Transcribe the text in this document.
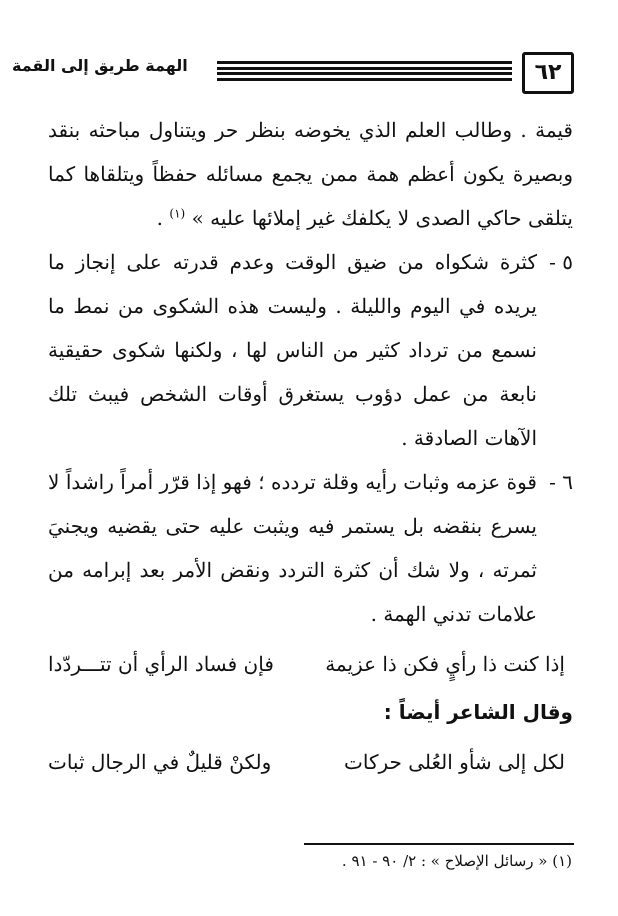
٦٢
الهمة طريق إلى القمة

قيمة . وطالب العلم الذي يخوضه بنظر حر ويتناول مباحثه بنقد وبصيرة يكون أعظم همة ممن يجمع مسائله حفظاً ويتلقاها كما يتلقى حاكي الصدى لا يكلفك غير إملائها عليه » $^{(١)}$ .

٥ -
كثرة شكواه من ضيق الوقت وعدم قدرته على إنجاز ما يريده في اليوم والليلة . وليست هذه الشكوى من نمط ما نسمع من ترداد كثير من الناس لها ، ولكنها شكوى حقيقية نابعة من عمل دؤوب يستغرق أوقات الشخص فيبث تلك الآهات الصادقة .
٦ -
قوة عزمه وثبات رأيه وقلة تردده ؛ فهو إذا قرّر أمراً راشداً لا يسرع بنقضه بل يستمر فيه ويثبت عليه حتى يقضيه ويجنيَ ثمرته ، ولا شك أن كثرة التردد ونقض الأمر بعد إبرامه من علامات تدني الهمة .
إذا كنت ذا رأيٍ فكن ذا عزيمة
فإن فساد الرأي أن تتـــردّدا
وقال الشاعر أيضاً :
لكل إلى شأو العُلى حركات
ولكنْ قليلٌ في الرجال ثبات
(١) « رسائل الإصلاح » : ٢/ ٩٠ - ٩١ .
